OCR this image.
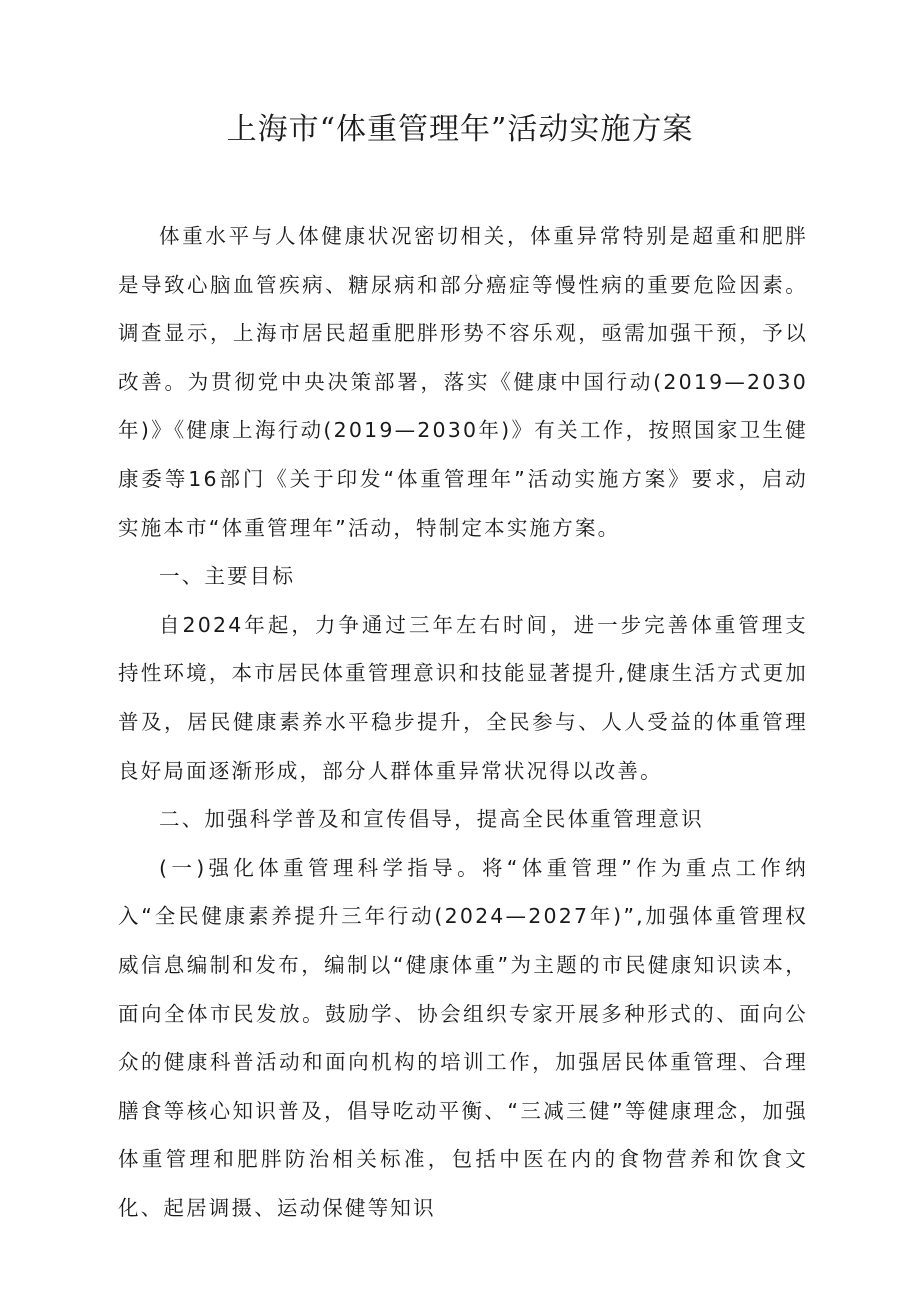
上海市“体重管理年”活动实施方案

体重水平与人体健康状况密切相关，体重异常特别是超重和肥胖是导致心脑血管疾病、糖尿病和部分癌症等慢性病的重要危险因素。调查显示，上海市居民超重肥胖形势不容乐观，亟需加强干预，予以改善。为贯彻党中央决策部署，落实《健康中国行动(2019—2030年)》《健康上海行动(2019—2030年)》有关工作，按照国家卫生健康委等16部门《关于印发“体重管理年”活动实施方案》要求，启动实施本市“体重管理年”活动，特制定本实施方案。

一、主要目标

自2024年起，力争通过三年左右时间，进一步完善体重管理支持性环境，本市居民体重管理意识和技能显著提升,健康生活方式更加普及，居民健康素养水平稳步提升，全民参与、人人受益的体重管理良好局面逐渐形成，部分人群体重异常状况得以改善。

二、加强科学普及和宣传倡导，提高全民体重管理意识

(一)强化体重管理科学指导。将“体重管理”作为重点工作纳入“全民健康素养提升三年行动(2024—2027年)”,加强体重管理权威信息编制和发布，编制以“健康体重”为主题的市民健康知识读本，面向全体市民发放。鼓励学、协会组织专家开展多种形式的、面向公众的健康科普活动和面向机构的培训工作，加强居民体重管理、合理膳食等核心知识普及，倡导吃动平衡、“三减三健”等健康理念，加强体重管理和肥胖防治相关标准，包括中医在内的食物营养和饮食文化、起居调摄、运动保健等知识
